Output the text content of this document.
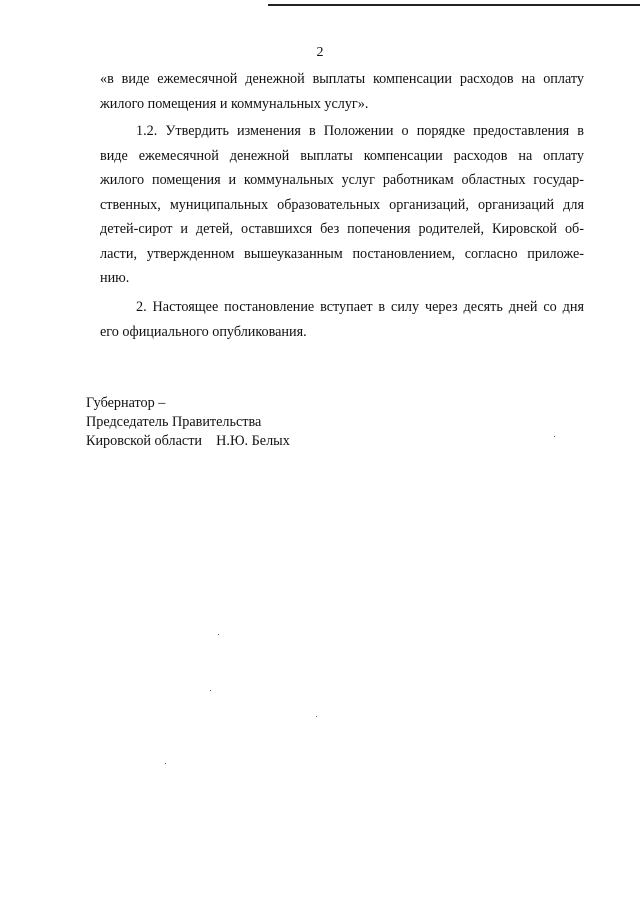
2
«в виде ежемесячной денежной выплаты компенсации расходов на оплату
жилого помещения и коммунальных услуг».
1.2. Утвердить изменения в Положении о порядке предоставления в
виде ежемесячной денежной выплаты компенсации расходов на оплату
жилого помещения и коммунальных услуг работникам областных государ-
ственных, муниципальных образовательных организаций, организаций для
детей-сирот и детей, оставшихся без попечения родителей, Кировской об-
ласти, утвержденном вышеуказанным постановлением, согласно приложе-
нию.
2. Настоящее постановление вступает в силу через десять дней со дня
его официального опубликования.
Губернатор –
Председатель Правительства
Кировской области    Н.Ю. Белых
